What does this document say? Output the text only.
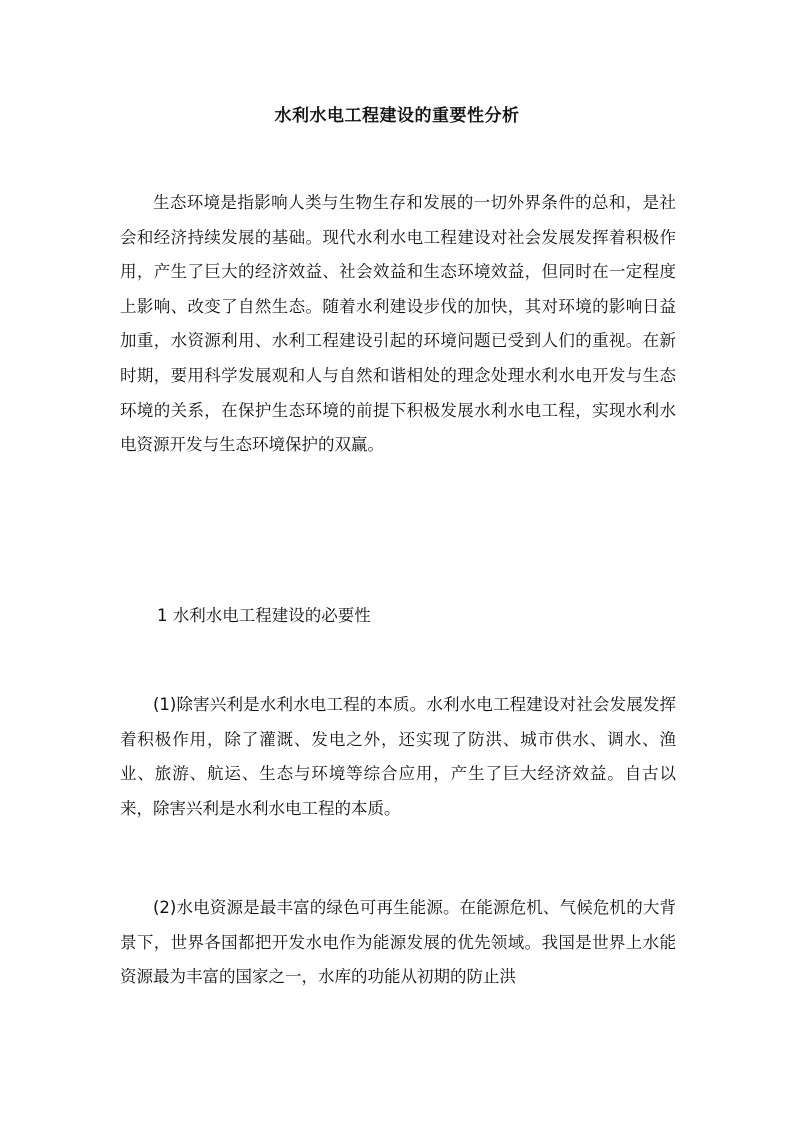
水利水电工程建设的重要性分析

生态环境是指影响人类与生物生存和发展的一切外界条件的总和，是社会和经济持续发展的基础。现代水利水电工程建设对社会发展发挥着积极作用，产生了巨大的经济效益、社会效益和生态环境效益，但同时在一定程度上影响、改变了自然生态。随着水利建设步伐的加快，其对环境的影响日益加重，水资源利用、水利工程建设引起的环境问题已受到人们的重视。在新时期，要用科学发展观和人与自然和谐相处的理念处理水利水电开发与生态环境的关系，在保护生态环境的前提下积极发展水利水电工程，实现水利水电资源开发与生态环境保护的双赢。

1 水利水电工程建设的必要性

(1)除害兴利是水利水电工程的本质。水利水电工程建设对社会发展发挥着积极作用，除了灌溉、发电之外，还实现了防洪、城市供水、调水、渔业、旅游、航运、生态与环境等综合应用，产生了巨大经济效益。自古以来，除害兴利是水利水电工程的本质。

(2)水电资源是最丰富的绿色可再生能源。在能源危机、气候危机的大背景下，世界各国都把开发水电作为能源发展的优先领域。我国是世界上水能资源最为丰富的国家之一，水库的功能从初期的防止洪
